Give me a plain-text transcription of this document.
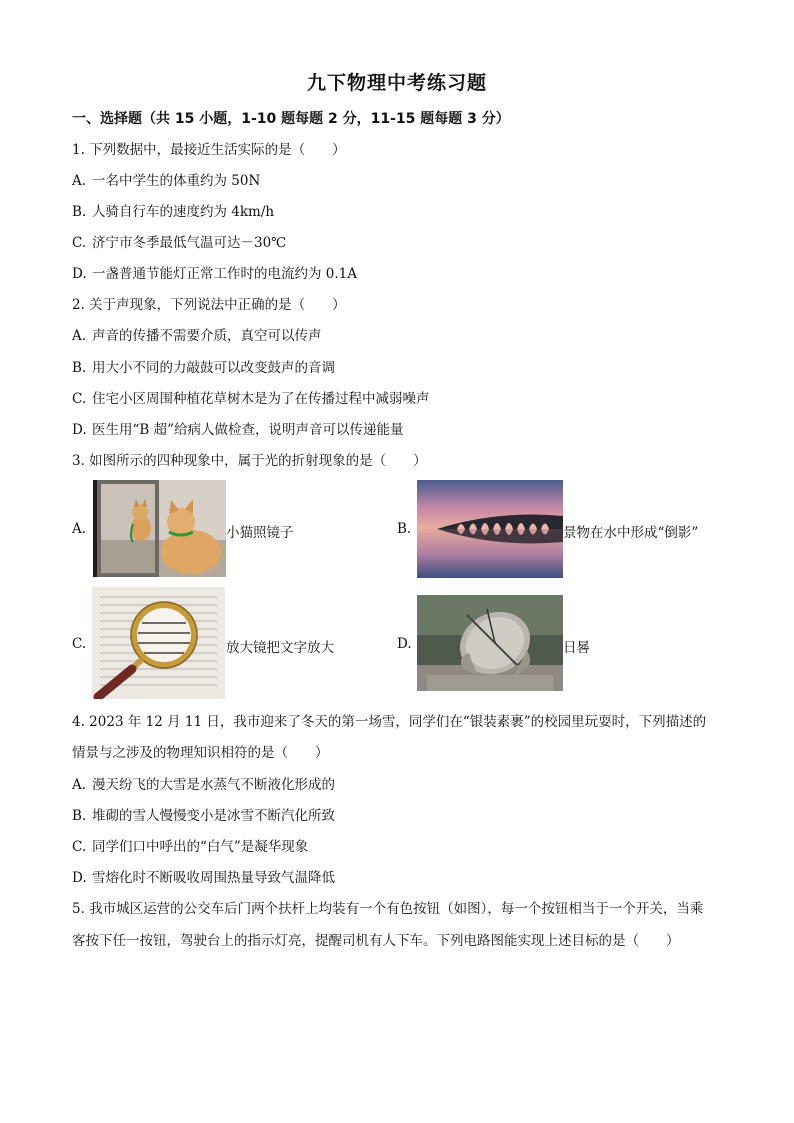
九下物理中考练习题
一、选择题（共 15 小题，1-10 题每题 2 分，11-15 题每题 3 分）
1. 下列数据中，最接近生活实际的是（　　）
A. 一名中学生的体重约为 50N
B. 人骑自行车的速度约为 4km/h
C. 济宁市冬季最低气温可达－30℃
D. 一盏普通节能灯正常工作时的电流约为 0.1A
2. 关于声现象，下列说法中正确的是（　　）
A. 声音的传播不需要介质，真空可以传声
B. 用大小不同的力敲鼓可以改变鼓声的音调
C. 住宅小区周围种植花草树木是为了在传播过程中减弱噪声
D. 医生用“B 超”给病人做检查，说明声音可以传递能量
3. 如图所示的四种现象中，属于光的折射现象的是（　　）
A.	小猫照镜子	B.	景物在水中形成“倒影”
C.	放大镜把文字放大	D.	日晷
4. 2023 年 12 月 11 日，我市迎来了冬天的第一场雪，同学们在“银装素裹”的校园里玩耍时，下列描述的
情景与之涉及的物理知识相符的是（　　）
A. 漫天纷飞的大雪是水蒸气不断液化形成的
B. 堆砌的雪人慢慢变小是冰雪不断汽化所致
C. 同学们口中呼出的“白气”是凝华现象
D. 雪熔化时不断吸收周围热量导致气温降低
5. 我市城区运营的公交车后门两个扶杆上均装有一个有色按钮（如图），每一个按钮相当于一个开关，当乘
客按下任一按钮，驾驶台上的指示灯亮，提醒司机有人下车。下列电路图能实现上述目标的是（　　）
